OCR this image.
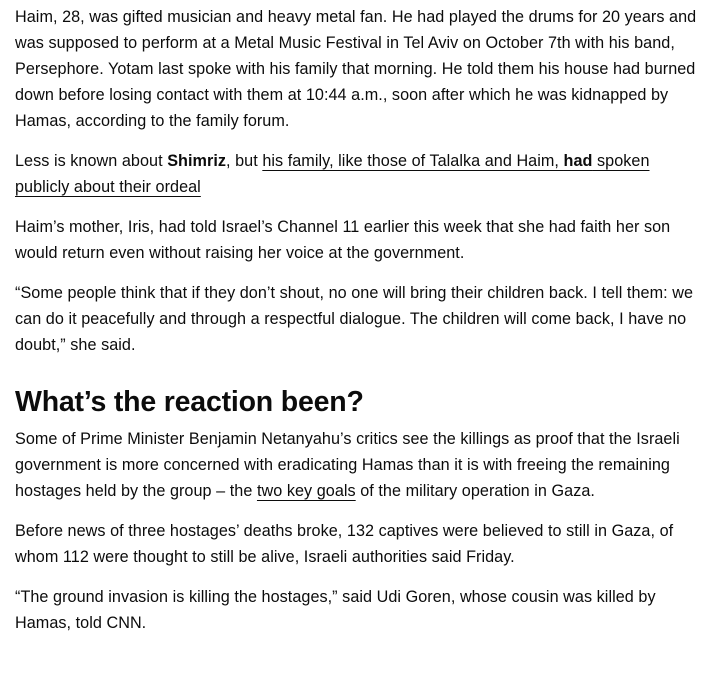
Haim, 28, was gifted musician and heavy metal fan. He had played the drums for 20 years and was supposed to perform at a Metal Music Festival in Tel Aviv on October 7th with his band, Persephore. Yotam last spoke with his family that morning. He told them his house had burned down before losing contact with them at 10:44 a.m., soon after which he was kidnapped by Hamas, according to the family forum.

Less is known about Shimriz, but his family, like those of Talalka and Haim, had spoken publicly about their ordeal

Haim’s mother, Iris, had told Israel’s Channel 11 earlier this week that she had faith her son would return even without raising her voice at the government.

“Some people think that if they don’t shout, no one will bring their children back. I tell them: we can do it peacefully and through a respectful dialogue. The children will come back, I have no doubt,” she said.

What’s the reaction been?

Some of Prime Minister Benjamin Netanyahu’s critics see the killings as proof that the Israeli government is more concerned with eradicating Hamas than it is with freeing the remaining hostages held by the group – the two key goals of the military operation in Gaza.

Before news of three hostages’ deaths broke, 132 captives were believed to still in Gaza, of whom 112 were thought to still be alive, Israeli authorities said Friday.

“The ground invasion is killing the hostages,” said Udi Goren, whose cousin was killed by Hamas, told CNN.
